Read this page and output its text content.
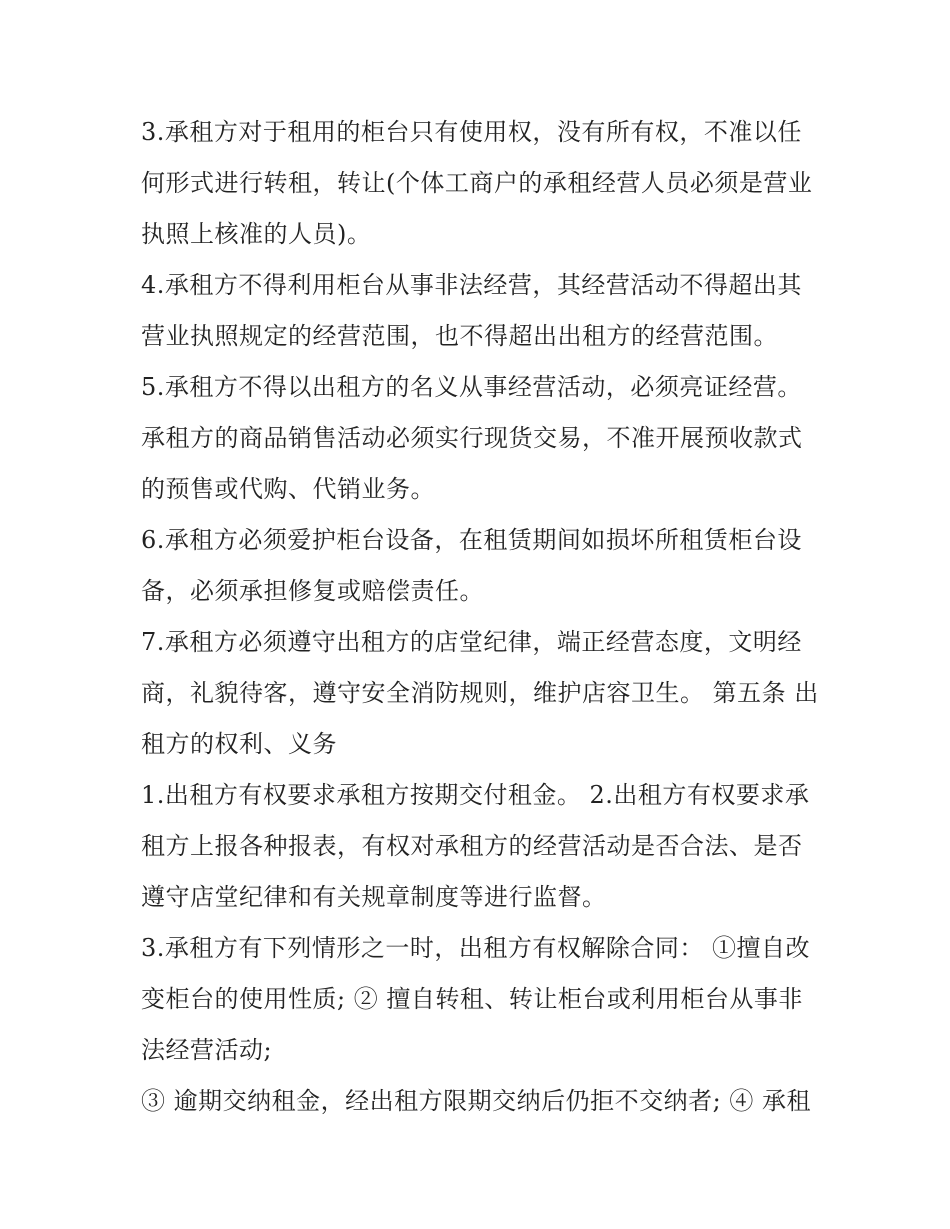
3.承租方对于租用的柜台只有使用权，没有所有权，不准以任何形式进行转租，转让(个体工商户的承租经营人员必须是营业执照上核准的人员)。

4.承租方不得利用柜台从事非法经营，其经营活动不得超出其营业执照规定的经营范围，也不得超出出租方的经营范围。

5.承租方不得以出租方的名义从事经营活动，必须亮证经营。承租方的商品销售活动必须实行现货交易，不准开展预收款式的预售或代购、代销业务。

6.承租方必须爱护柜台设备，在租赁期间如损坏所租赁柜台设备，必须承担修复或赔偿责任。

7.承租方必须遵守出租方的店堂纪律，端正经营态度，文明经商，礼貌待客，遵守安全消防规则，维护店容卫生。 第五条 出租方的权利、义务

1.出租方有权要求承租方按期交付租金。 2.出租方有权要求承租方上报各种报表，有权对承租方的经营活动是否合法、是否遵守店堂纪律和有关规章制度等进行监督。

3.承租方有下列情形之一时，出租方有权解除合同： ①擅自改变柜台的使用性质; ② 擅自转租、转让柜台或利用柜台从事非法经营活动;

③ 逾期交纳租金，经出租方限期交纳后仍拒不交纳者; ④ 承租
